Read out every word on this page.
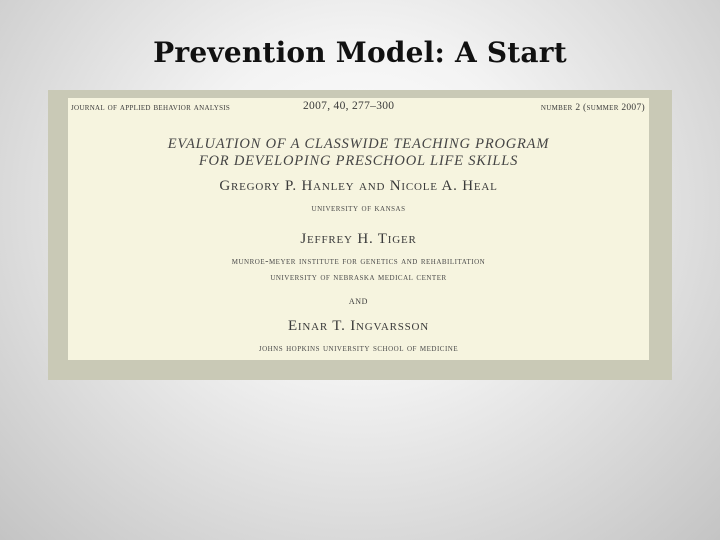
Prevention Model: A Start
journal of applied behavior analysis	2007, 40, 277–300	number 2 (summer 2007)
EVALUATION OF A CLASSWIDE TEACHING PROGRAM
FOR DEVELOPING PRESCHOOL LIFE SKILLS
Gregory P. Hanley and Nicole A. Heal
university of kansas
Jeffrey H. Tiger
munroe-meyer institute for genetics and rehabilitation
university of nebraska medical center
and
Einar T. Ingvarsson
johns hopkins university school of medicine
